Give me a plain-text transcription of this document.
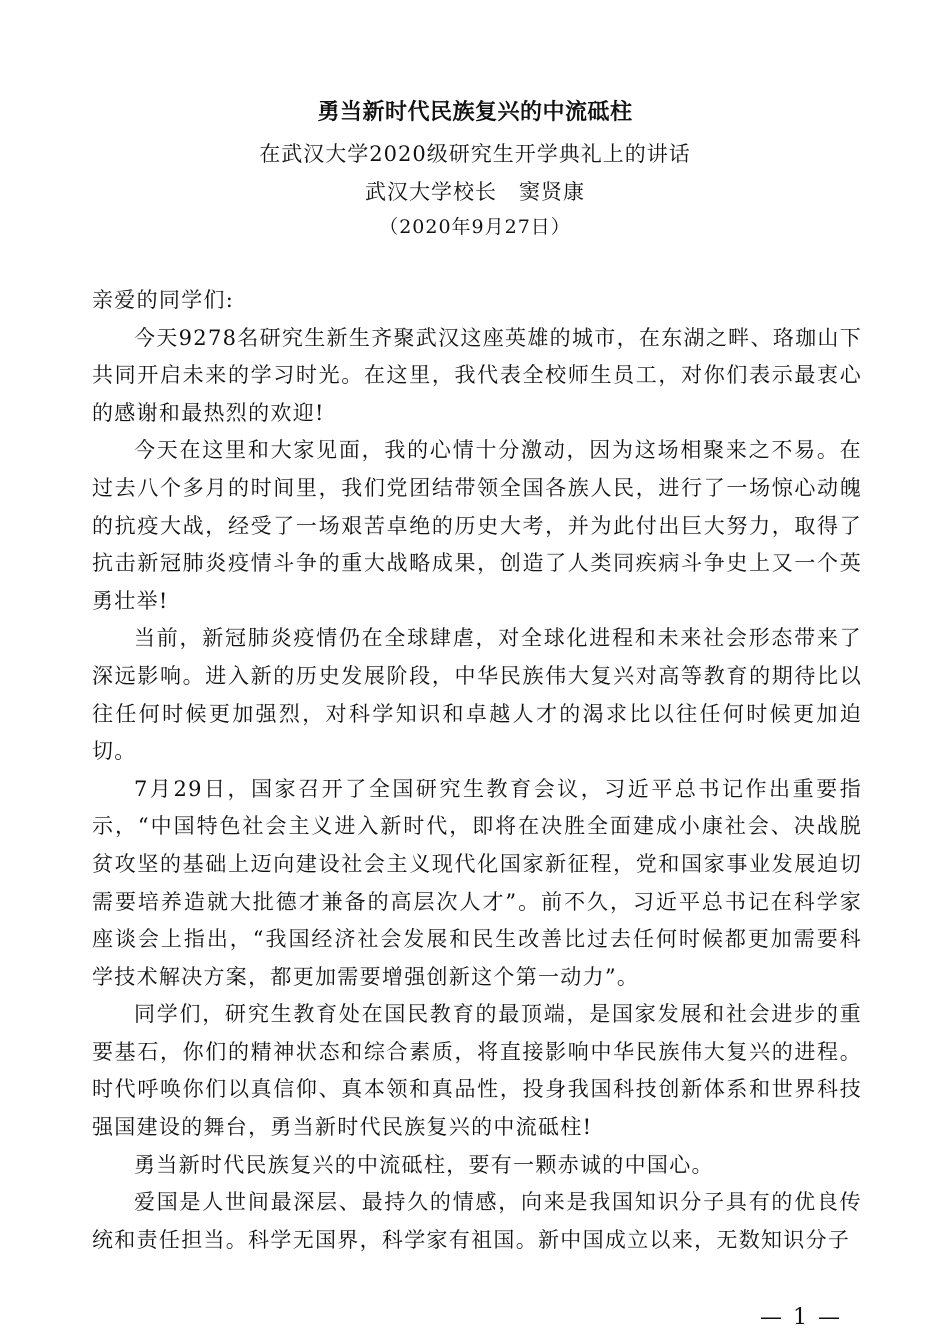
勇当新时代民族复兴的中流砥柱
在武汉大学2020级研究生开学典礼上的讲话
武汉大学校长　窦贤康
（2020年9月27日）

亲爱的同学们:

今天9278名研究生新生齐聚武汉这座英雄的城市，在东湖之畔、珞珈山下共同开启未来的学习时光。在这里，我代表全校师生员工，对你们表示最衷心的感谢和最热烈的欢迎!

今天在这里和大家见面，我的心情十分激动，因为这场相聚来之不易。在过去八个多月的时间里，我们党团结带领全国各族人民，进行了一场惊心动魄的抗疫大战，经受了一场艰苦卓绝的历史大考，并为此付出巨大努力，取得了抗击新冠肺炎疫情斗争的重大战略成果，创造了人类同疾病斗争史上又一个英勇壮举!

当前，新冠肺炎疫情仍在全球肆虐，对全球化进程和未来社会形态带来了深远影响。进入新的历史发展阶段，中华民族伟大复兴对高等教育的期待比以往任何时候更加强烈，对科学知识和卓越人才的渴求比以往任何时候更加迫切。

7月29日，国家召开了全国研究生教育会议，习近平总书记作出重要指示，“中国特色社会主义进入新时代，即将在决胜全面建成小康社会、决战脱贫攻坚的基础上迈向建设社会主义现代化国家新征程，党和国家事业发展迫切需要培养造就大批德才兼备的高层次人才”。前不久，习近平总书记在科学家座谈会上指出，“我国经济社会发展和民生改善比过去任何时候都更加需要科学技术解决方案，都更加需要增强创新这个第一动力”。

同学们，研究生教育处在国民教育的最顶端，是国家发展和社会进步的重要基石，你们的精神状态和综合素质，将直接影响中华民族伟大复兴的进程。时代呼唤你们以真信仰、真本领和真品性，投身我国科技创新体系和世界科技强国建设的舞台，勇当新时代民族复兴的中流砥柱!

勇当新时代民族复兴的中流砥柱，要有一颗赤诚的中国心。

爱国是人世间最深层、最持久的情感，向来是我国知识分子具有的优良传统和责任担当。科学无国界，科学家有祖国。新中国成立以来，无数知识分子

— 1 —
